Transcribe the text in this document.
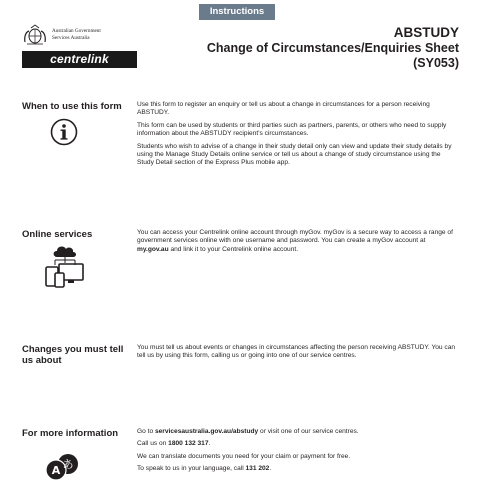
Instructions
Australian Government
Services Australia
centrelink
ABSTUDY
Change of Circumstances/Enquiries Sheet
(SY053)
When to use this form	Use this form to register an enquiry or tell us about a change in circumstances for a person receiving ABSTUDY.

This form can be used by students or third parties such as partners, parents, or others who need to supply information about the ABSTUDY recipient's circumstances.

Students who wish to advise of a change in their study detail only can view and update their study details by using the Manage Study Details online service or tell us about a change of study circumstance using the Study Detail section of the Express Plus mobile app.

Online services	You can access your Centrelink online account through myGov. myGov is a secure way to access a range of government services online with one username and password. You can create a myGov account at my.gov.au and link it to your Centrelink online account.

Changes you must tell us about

You must tell us about events or changes in circumstances affecting the person receiving ABSTUDY. You can tell us by using this form, calling us or going into one of our service centres.

For more information
あ
A

Go to servicesaustralia.gov.au/abstudy or visit one of our service centres.

Call us on 1800 132 317.

We can translate documents you need for your claim or payment for free.

To speak to us in your language, call 131 202.
